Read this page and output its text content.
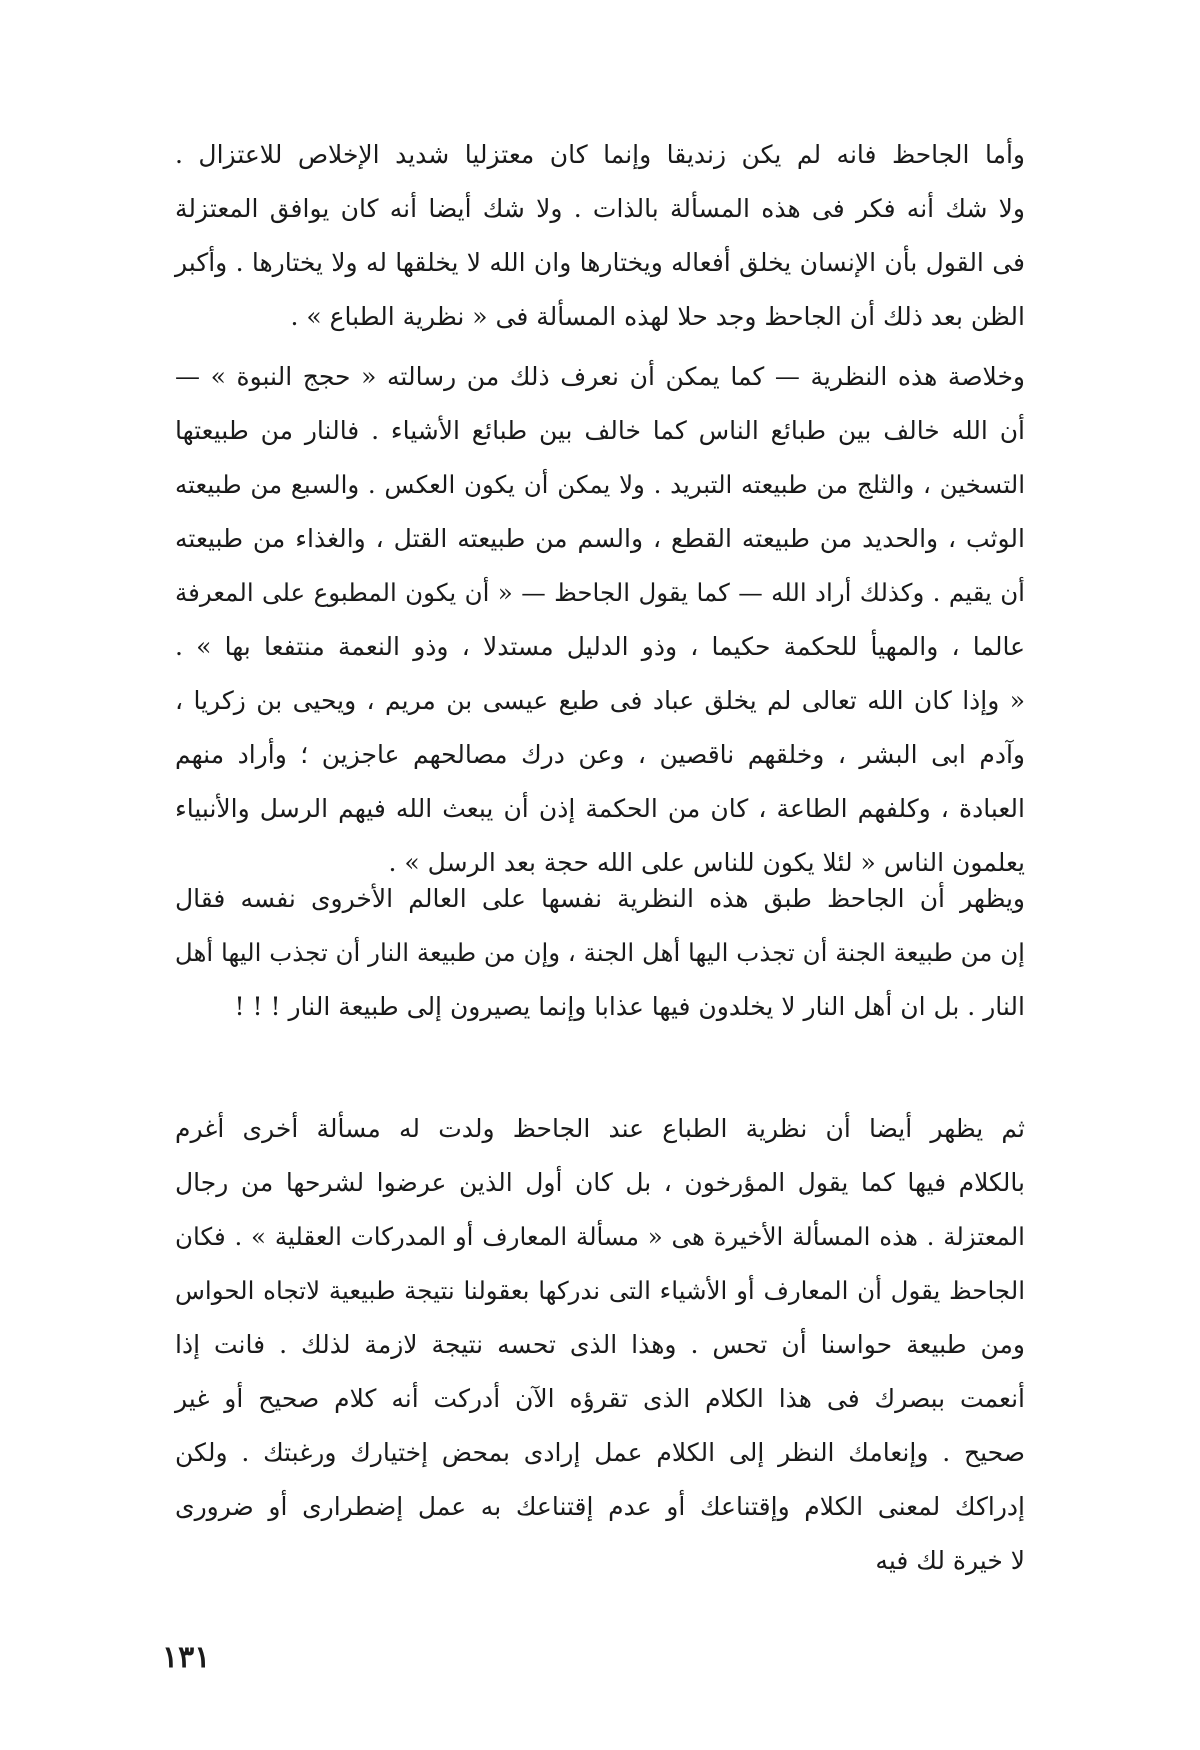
وأما الجاحظ فانه لم يكن زنديقا وإنما كان معتزليا شديد الإخلاص للاعتزال .
ولا شك أنه فكر فى هذه المسألة بالذات . ولا شك أيضا أنه كان يوافق المعتزلة
فى القول بأن الإنسان يخلق أفعاله ويختارها وان الله لا يخلقها له ولا يختارها . وأكبر
الظن بعد ذلك أن الجاحظ وجد حلا لهذه المسألة فى « نظرية الطباع » .
وخلاصة هذه النظرية — كما يمكن أن نعرف ذلك من رسالته « حجج النبوة » —
أن الله خالف بين طبائع الناس كما خالف بين طبائع الأشياء . فالنار من طبيعتها
التسخين ، والثلج من طبيعته التبريد . ولا يمكن أن يكون العكس . والسبع من طبيعته
الوثب ، والحديد من طبيعته القطع ، والسم من طبيعته القتل ، والغذاء من طبيعته
أن يقيم . وكذلك أراد الله — كما يقول الجاحظ — « أن يكون المطبوع على المعرفة
عالما ، والمهيأ للحكمة حكيما ، وذو الدليل مستدلا ، وذو النعمة منتفعا بها » .
« وإذا كان الله تعالى لم يخلق عباد فى طبع عيسى بن مريم ، ويحيى بن زكريا ،
وآدم ابى البشر ، وخلقهم ناقصين ، وعن درك مصالحهم عاجزين ؛ وأراد منهم
العبادة ، وكلفهم الطاعة ، كان من الحكمة إذن أن يبعث الله فيهم الرسل والأنبياء
يعلمون الناس « لئلا يكون للناس على الله حجة بعد الرسل » .
ويظهر أن الجاحظ طبق هذه النظرية نفسها على العالم الأخروى نفسه فقال
إن من طبيعة الجنة أن تجذب اليها أهل الجنة ، وإن من طبيعة النار أن تجذب اليها أهل
النار . بل ان أهل النار لا يخلدون فيها عذابا وإنما يصيرون إلى طبيعة النار ! ! !
ثم يظهر أيضا أن نظرية الطباع عند الجاحظ ولدت له مسألة أخرى أغرم
بالكلام فيها كما يقول المؤرخون ، بل كان أول الذين عرضوا لشرحها من رجال
المعتزلة . هذه المسألة الأخيرة هى « مسألة المعارف أو المدركات العقلية » . فكان
الجاحظ يقول أن المعارف أو الأشياء التى ندركها بعقولنا نتيجة طبيعية لاتجاه الحواس
ومن طبيعة حواسنا أن تحس . وهذا الذى تحسه نتيجة لازمة لذلك . فانت إذا
أنعمت ببصرك فى هذا الكلام الذى تقرؤه الآن أدركت أنه كلام صحيح أو غير
صحيح . وإنعامك النظر إلى الكلام عمل إرادى بمحض إختيارك ورغبتك . ولكن
إدراكك لمعنى الكلام وإقتناعك أو عدم إقتناعك به عمل إضطرارى أو ضرورى
لا خيرة لك فيه
١٣١
